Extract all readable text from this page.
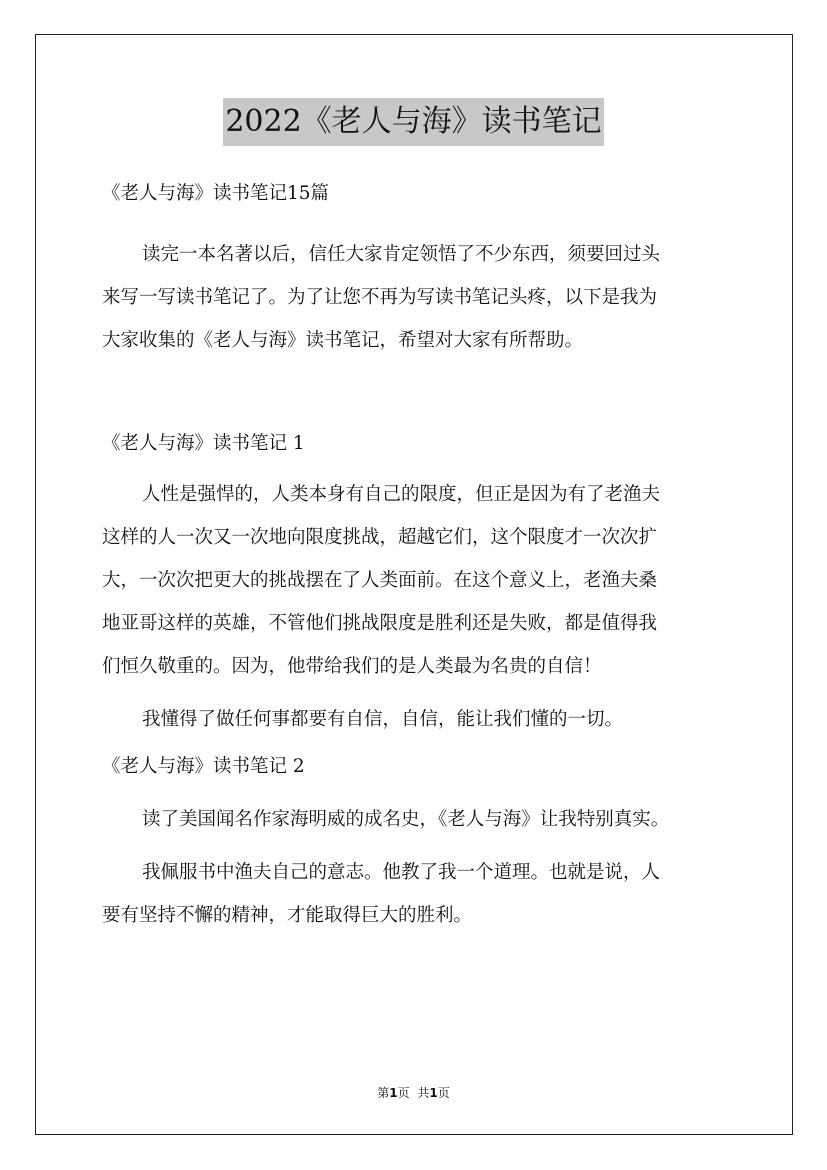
2022《老人与海》读书笔记
《老人与海》读书笔记15篇
读完一本名著以后，信任大家肯定领悟了不少东西，须要回过头
来写一写读书笔记了。为了让您不再为写读书笔记头疼，以下是我为
大家收集的《老人与海》读书笔记，希望对大家有所帮助。
《老人与海》读书笔记 1
人性是强悍的，人类本身有自己的限度，但正是因为有了老渔夫
这样的人一次又一次地向限度挑战，超越它们，这个限度才一次次扩
大，一次次把更大的挑战摆在了人类面前。在这个意义上，老渔夫桑
地亚哥这样的英雄，不管他们挑战限度是胜利还是失败，都是值得我
们恒久敬重的。因为，他带给我们的是人类最为名贵的自信！
我懂得了做任何事都要有自信，自信，能让我们懂的一切。
《老人与海》读书笔记 2
读了美国闻名作家海明威的成名史，《老人与海》让我特别真实。
我佩服书中渔夫自己的意志。他教了我一个道理。也就是说，人
要有坚持不懈的精神，才能取得巨大的胜利。
第1页 共1页
